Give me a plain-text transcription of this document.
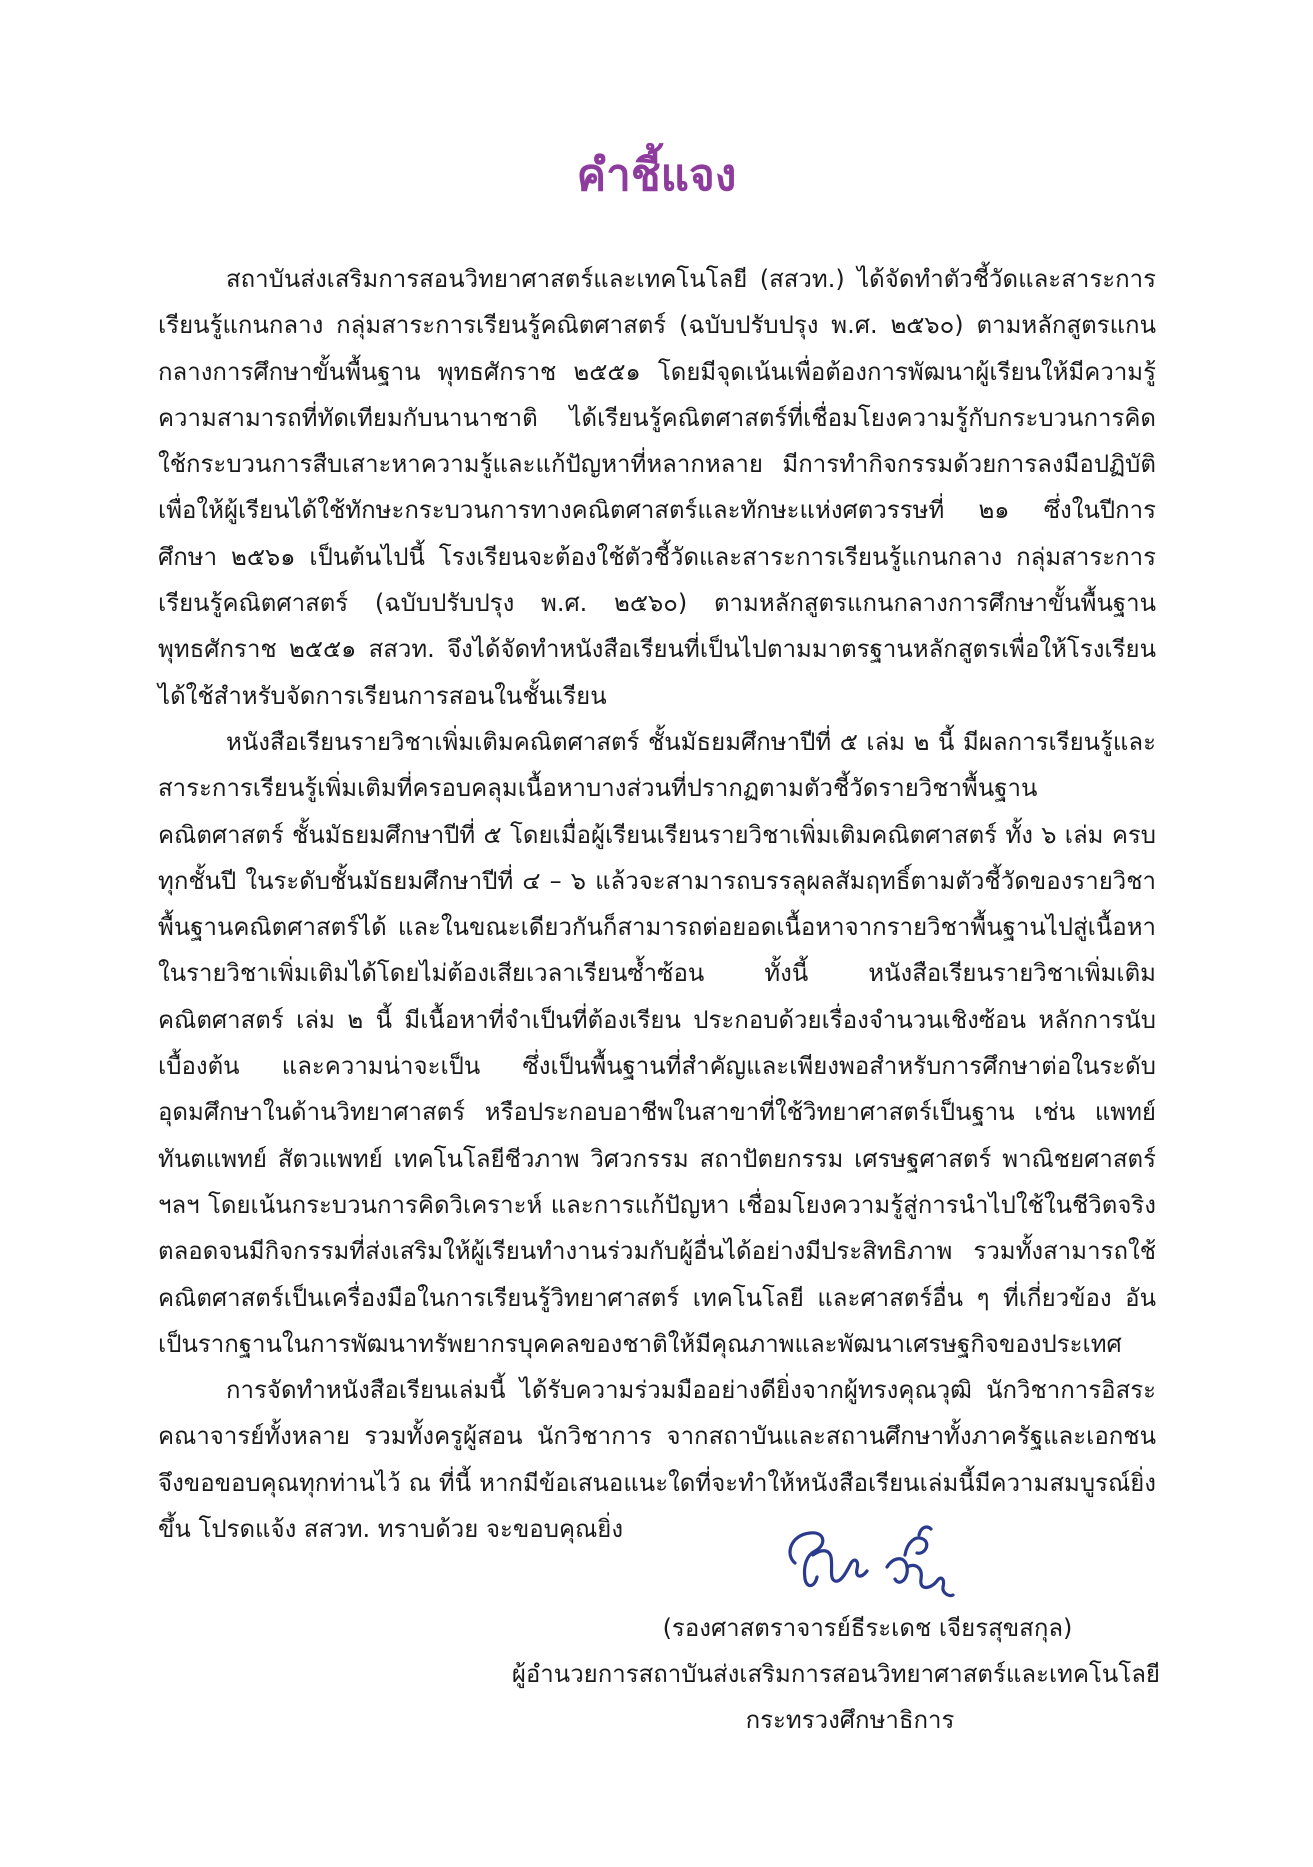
คำชี้แจง

สถาบันส่งเสริมการสอนวิทยาศาสตร์และเทคโนโลยี (สสวท.) ได้จัดทำตัวชี้วัดและสาระการเรียนรู้แกนกลาง กลุ่มสาระการเรียนรู้คณิตศาสตร์ (ฉบับปรับปรุง พ.ศ. ๒๕๖๐) ตามหลักสูตรแกนกลางการศึกษาขั้นพื้นฐาน พุทธศักราช ๒๕๕๑ โดยมีจุดเน้นเพื่อต้องการพัฒนาผู้เรียนให้มีความรู้ความสามารถที่ทัดเทียมกับนานาชาติ ได้เรียนรู้คณิตศาสตร์ที่เชื่อมโยงความรู้กับกระบวนการคิด ใช้กระบวนการสืบเสาะหาความรู้และแก้ปัญหาที่หลากหลาย มีการทำกิจกรรมด้วยการลงมือปฏิบัติ เพื่อให้ผู้เรียนได้ใช้ทักษะกระบวนการทางคณิตศาสตร์และทักษะแห่งศตวรรษที่ ๒๑ ซึ่งในปีการศึกษา ๒๕๖๑ เป็นต้นไปนี้ โรงเรียนจะต้องใช้ตัวชี้วัดและสาระการเรียนรู้แกนกลาง กลุ่มสาระการเรียนรู้คณิตศาสตร์ (ฉบับปรับปรุง พ.ศ. ๒๕๖๐) ตามหลักสูตรแกนกลางการศึกษาขั้นพื้นฐาน พุทธศักราช ๒๕๕๑ สสวท. จึงได้จัดทำหนังสือเรียนที่เป็นไปตามมาตรฐานหลักสูตรเพื่อให้โรงเรียนได้ใช้สำหรับจัดการเรียนการสอนในชั้นเรียน

หนังสือเรียนรายวิชาเพิ่มเติมคณิตศาสตร์ ชั้นมัธยมศึกษาปีที่ ๕ เล่ม ๒ นี้ มีผลการเรียนรู้และสาระการเรียนรู้เพิ่มเติมที่ครอบคลุมเนื้อหาบางส่วนที่ปรากฏตามตัวชี้วัดรายวิชาพื้นฐานคณิตศาสตร์ ชั้นมัธยมศึกษาปีที่ ๕ โดยเมื่อผู้เรียนเรียนรายวิชาเพิ่มเติมคณิตศาสตร์ ทั้ง ๖ เล่ม ครบทุกชั้นปี ในระดับชั้นมัธยมศึกษาปีที่ ๔ – ๖ แล้วจะสามารถบรรลุผลสัมฤทธิ์ตามตัวชี้วัดของรายวิชาพื้นฐานคณิตศาสตร์ได้ และในขณะเดียวกันก็สามารถต่อยอดเนื้อหาจากรายวิชาพื้นฐานไปสู่เนื้อหาในรายวิชาเพิ่มเติมได้โดยไม่ต้องเสียเวลาเรียนซ้ำซ้อน ทั้งนี้ หนังสือเรียนรายวิชาเพิ่มเติมคณิตศาสตร์ เล่ม ๒ นี้ มีเนื้อหาที่จำเป็นที่ต้องเรียน ประกอบด้วยเรื่องจำนวนเชิงซ้อน หลักการนับเบื้องต้น และความน่าจะเป็น ซึ่งเป็นพื้นฐานที่สำคัญและเพียงพอสำหรับการศึกษาต่อในระดับอุดมศึกษาในด้านวิทยาศาสตร์ หรือประกอบอาชีพในสาขาที่ใช้วิทยาศาสตร์เป็นฐาน เช่น แพทย์ ทันตแพทย์ สัตวแพทย์ เทคโนโลยีชีวภาพ วิศวกรรม สถาปัตยกรรม เศรษฐศาสตร์ พาณิชยศาสตร์ ฯลฯ โดยเน้นกระบวนการคิดวิเคราะห์ และการแก้ปัญหา เชื่อมโยงความรู้สู่การนำไปใช้ในชีวิตจริง ตลอดจนมีกิจกรรมที่ส่งเสริมให้ผู้เรียนทำงานร่วมกับผู้อื่นได้อย่างมีประสิทธิภาพ รวมทั้งสามารถใช้คณิตศาสตร์เป็นเครื่องมือในการเรียนรู้วิทยาศาสตร์ เทคโนโลยี และศาสตร์อื่น ๆ ที่เกี่ยวข้อง อันเป็นรากฐานในการพัฒนาทรัพยากรบุคคลของชาติให้มีคุณภาพและพัฒนาเศรษฐกิจของประเทศ

การจัดทำหนังสือเรียนเล่มนี้ ได้รับความร่วมมืออย่างดียิ่งจากผู้ทรงคุณวุฒิ นักวิชาการอิสระ คณาจารย์ทั้งหลาย รวมทั้งครูผู้สอน นักวิชาการ จากสถาบันและสถานศึกษาทั้งภาครัฐและเอกชน จึงขอขอบคุณทุกท่านไว้ ณ ที่นี้ หากมีข้อเสนอแนะใดที่จะทำให้หนังสือเรียนเล่มนี้มีความสมบูรณ์ยิ่งขึ้น โปรดแจ้ง สสวท. ทราบด้วย จะขอบคุณยิ่ง

(รองศาสตราจารย์ธีระเดช เจียรสุขสกุล)
ผู้อำนวยการสถาบันส่งเสริมการสอนวิทยาศาสตร์และเทคโนโลยี
กระทรวงศึกษาธิการ
